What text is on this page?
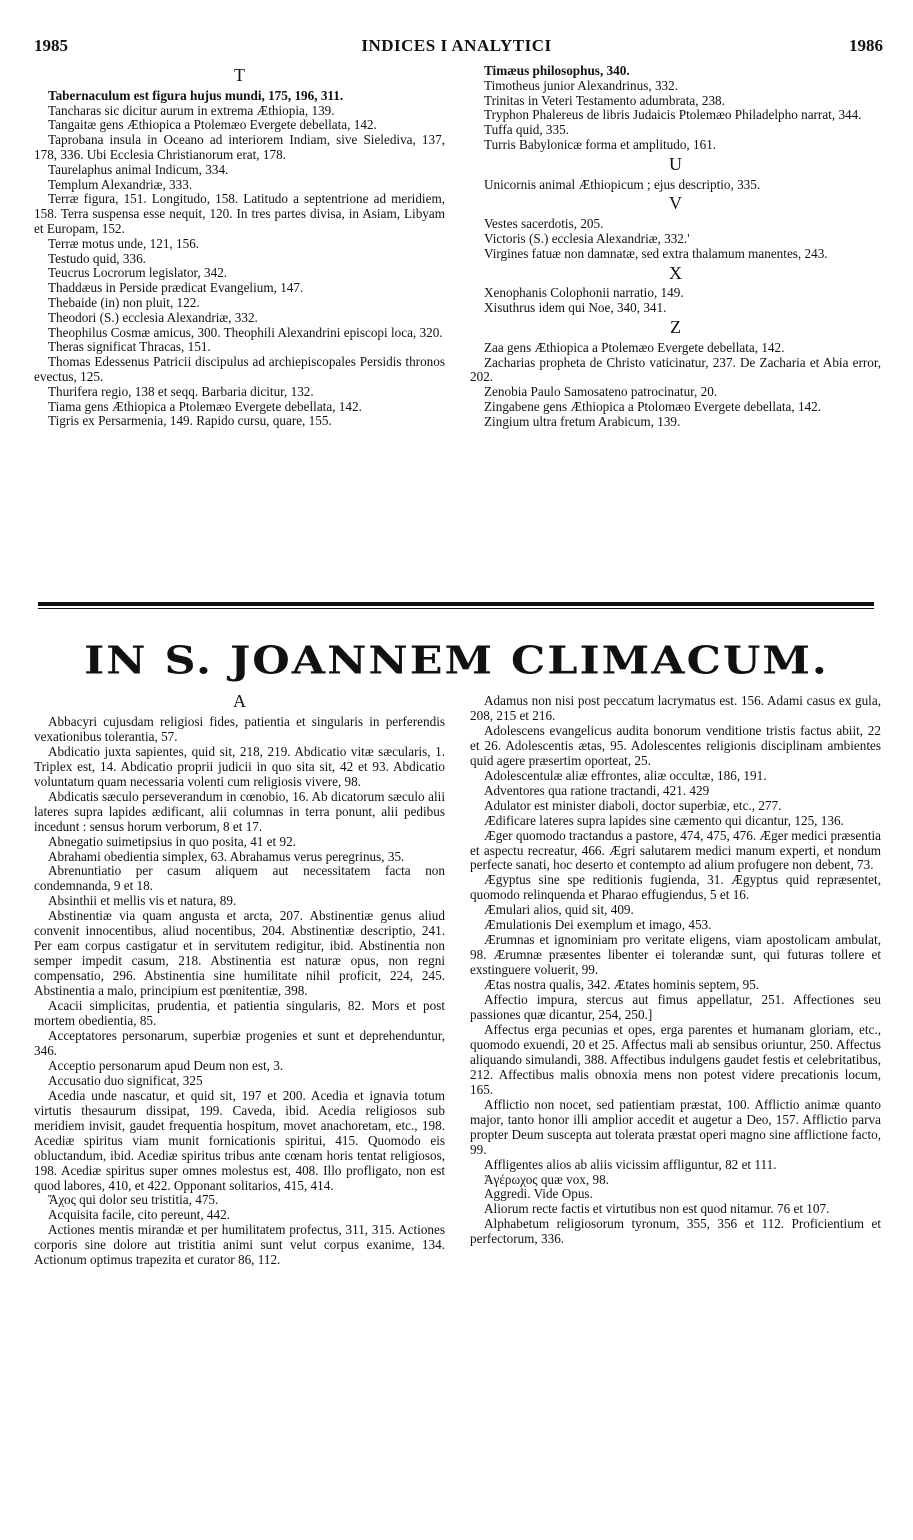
1985	INDICES I ANALYTICI	1986

T

Tabernaculum est figura hujus mundi, 175, 196, 311.

Tancharas sic dicitur aurum in extrema Æthiopia, 139.

Tangaitæ gens Æthiopica a Ptolemæo Evergete debellata, 142.

Taprobana insula in Oceano ad interiorem Indiam, sive Sielediva, 137, 178, 336. Ubi Ecclesia Christianorum erat, 178.

Taurelaphus animal Indicum, 334.

Templum Alexandriæ, 333.

Terræ figura, 151. Longitudo, 158. Latitudo a septentrione ad meridiem, 158. Terra suspensa esse nequit, 120. In tres partes divisa, in Asiam, Libyam et Europam, 152.

Terræ motus unde, 121, 156.

Testudo quid, 336.

Teucrus Locrorum legislator, 342.

Thaddæus in Perside prædicat Evangelium, 147.

Thebaide (in) non pluit, 122.

Theodori (S.) ecclesia Alexandriæ, 332.

Theophilus Cosmæ amicus, 300. Theophili Alexandrini episcopi loca, 320.

Theras significat Thracas, 151.

Thomas Edessenus Patricii discipulus ad archiepiscopales Persidis thronos evectus, 125.

Thurifera regio, 138 et seqq. Barbaria dicitur, 132.

Tiama gens Æthiopica a Ptolemæo Evergete debellata, 142.

Tigris ex Persarmenia, 149. Rapido cursu, quare, 155.

Timæus philosophus, 340.

Timotheus junior Alexandrinus, 332.

Trinitas in Veteri Testamento adumbrata, 238.

Tryphon Phalereus de libris Judaicis Ptolemæo Philadelpho narrat, 344.

Tuffa quid, 335.

Turris Babylonicæ forma et amplitudo, 161.

U

Unicornis animal Æthiopicum ; ejus descriptio, 335.

V

Vestes sacerdotis, 205.

Victoris (S.) ecclesia Alexandriæ, 332.'

Virgines fatuæ non damnatæ, sed extra thalamum manentes, 243.

X

Xenophanis Colophonii narratio, 149.

Xisuthrus idem qui Noe, 340, 341.

Z

Zaa gens Æthiopica a Ptolemæo Evergete debellata, 142.

Zacharias propheta de Christo vaticinatur, 237. De Zacharia et Abia error, 202.

Zenobia Paulo Samosateno patrocinatur, 20.

Zingabene gens Æthiopica a Ptolomæo Evergete debellata, 142.

Zingium ultra fretum Arabicum, 139.

IN S. JOANNEM CLIMACUM.

A

Abbacyri cujusdam religiosi fides, patientia et singularis in perferendis vexationibus tolerantia, 57.

Abdicatio juxta sapientes, quid sit, 218, 219. Abdicatio vitæ sæcularis, 1. Triplex est, 14. Abdicatio proprii judicii in quo sita sit, 42 et 93. Abdicatio voluntatum quam necessaria volenti cum religiosis vivere, 98.

Abdicatis sæculo perseverandum in cœnobio, 16. Ab dicatorum sæculo alii lateres supra lapides ædificant, alii columnas in terra ponunt, alii pedibus incedunt : sensus horum verborum, 8 et 17.

Abnegatio suimetipsius in quo posita, 41 et 92.

Abrahami obedientia simplex, 63. Abrahamus verus peregrinus, 35.

Abrenuntiatio per casum aliquem aut necessitatem facta non condemnanda, 9 et 18.

Absinthii et mellis vis et natura, 89.

Abstinentiæ via quam angusta et arcta, 207. Abstinentiæ genus aliud convenit innocentibus, aliud nocentibus, 204. Abstinentiæ descriptio, 241. Per eam corpus castigatur et in servitutem redigitur, ibid. Abstinentia non semper impedit casum, 218. Abstinentia est naturæ opus, non regni compensatio, 296. Abstinentia sine humilitate nihil proficit, 224, 245. Abstinentia a malo, principium est pœnitentiæ, 398.

Acacii simplicitas, prudentia, et patientia singularis, 82. Mors et post mortem obedientia, 85.

Acceptatores personarum, superbiæ progenies et sunt et deprehenduntur, 346.

Acceptio personarum apud Deum non est, 3.

Accusatio duo significat, 325

Acedia unde nascatur, et quid sit, 197 et 200. Acedia et ignavia totum virtutis thesaurum dissipat, 199. Caveda, ibid. Acedia religiosos sub meridiem invisit, gaudet frequentia hospitum, movet anachoretam, etc., 198. Acediæ spiritus viam munit fornicationis spiritui, 415. Quomodo eis obluctandum, ibid. Acediæ spiritus tribus ante cœnam horis tentat religiosos, 198. Acediæ spiritus super omnes molestus est, 408. Illo profligato, non est quod labores, 410, et 422. Opponant solitarios, 415, 414.

Ἄχος qui dolor seu tristitia, 475.

Acquisita facile, cito pereunt, 442.

Actiones mentis mirandæ et per humilitatem profectus, 311, 315. Actiones corporis sine dolore aut tristitia animi sunt velut corpus exanime, 134. Actionum optimus trapezita et curator 86, 112.

Adamus non nisi post peccatum lacrymatus est. 156. Adami casus ex gula, 208, 215 et 216.

Adolescens evangelicus audita bonorum venditione tristis factus abiit, 22 et 26. Adolescentis ætas, 95. Adolescentes religionis disciplinam ambientes quid agere præsertim oporteat, 25.

Adolescentulæ aliæ effrontes, aliæ occultæ, 186, 191.

Adventores qua ratione tractandi, 421. 429

Adulator est minister diaboli, doctor superbiæ, etc., 277.

Ædificare lateres supra lapides sine cæmento qui dicantur, 125, 136.

Æger quomodo tractandus a pastore, 474, 475, 476. Æger medici præsentia et aspectu recreatur, 466. Ægri salutarem medici manum experti, et nondum perfecte sanati, hoc deserto et contempto ad alium profugere non debent, 73.

Ægyptus sine spe reditionis fugienda, 31. Ægyptus quid repræsentet, quomodo relinquenda et Pharao effugiendus, 5 et 16.

Æmulari alios, quid sit, 409.

Æmulationis Dei exemplum et imago, 453.

Ærumnas et ignominiam pro veritate eligens, viam apostolicam ambulat, 98. Ærumnæ præsentes libenter ei tolerandæ sunt, qui futuras tollere et exstinguere voluerit, 99.

Ætas nostra qualis, 342. Ætates hominis septem, 95.

Affectio impura, stercus aut fimus appellatur, 251. Affectiones seu passiones quæ dicantur, 254, 250.]

Affectus erga pecunias et opes, erga parentes et humanam gloriam, etc., quomodo exuendi, 20 et 25. Affectus mali ab sensibus oriuntur, 250. Affectus aliquando simulandi, 388. Affectibus indulgens gaudet festis et celebritatibus, 212. Affectibus malis obnoxia mens non potest videre precationis locum, 165.

Afflictio non nocet, sed patientiam præstat, 100. Afflictio animæ quanto major, tanto honor illi amplior accedit et augetur a Deo, 157. Afflictio parva propter Deum suscepta aut tolerata præstat operi magno sine afflictione facto, 99.

Affligentes alios ab aliis vicissim affliguntur, 82 et 111.

Ἀγέρωχος quæ vox, 98.

Aggredi. Vide Opus.

Aliorum recte factis et virtutibus non est quod nitamur. 76 et 107.

Alphabetum religiosorum tyronum, 355, 356 et 112. Proficientium et perfectorum, 336.
